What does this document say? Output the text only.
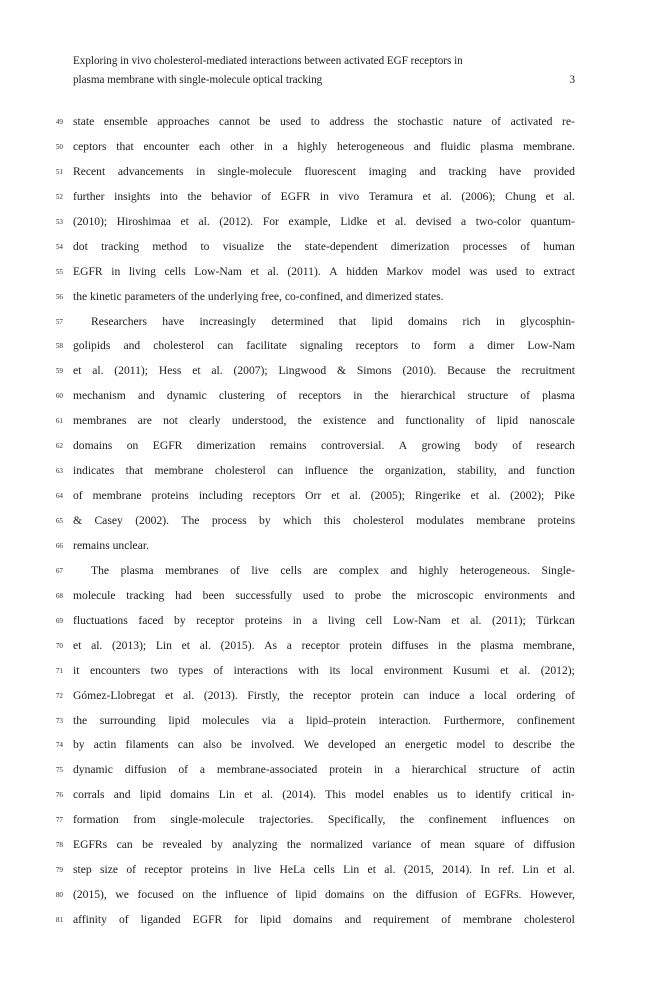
Exploring in vivo cholesterol-mediated interactions between activated EGF receptors in
plasma membrane with single-molecule optical tracking	3
49 state ensemble approaches cannot be used to address the stochastic nature of activated re-
50 ceptors that encounter each other in a highly heterogeneous and fluidic plasma membrane.
51 Recent advancements in single-molecule fluorescent imaging and tracking have provided
52 further insights into the behavior of EGFR in vivo Teramura et al. (2006); Chung et al.
53 (2010); Hiroshimaa et al. (2012). For example, Lidke et al. devised a two-color quantum-
54 dot tracking method to visualize the state-dependent dimerization processes of human
55 EGFR in living cells Low-Nam et al. (2011). A hidden Markov model was used to extract
56 the kinetic parameters of the underlying free, co-confined, and dimerized states.
57 Researchers have increasingly determined that lipid domains rich in glycosphin-
58 golipids and cholesterol can facilitate signaling receptors to form a dimer Low-Nam
59 et al. (2011); Hess et al. (2007); Lingwood & Simons (2010). Because the recruitment
60 mechanism and dynamic clustering of receptors in the hierarchical structure of plasma
61 membranes are not clearly understood, the existence and functionality of lipid nanoscale
62 domains on EGFR dimerization remains controversial. A growing body of research
63 indicates that membrane cholesterol can influence the organization, stability, and function
64 of membrane proteins including receptors Orr et al. (2005); Ringerike et al. (2002); Pike
65 & Casey (2002). The process by which this cholesterol modulates membrane proteins
66 remains unclear.
67 The plasma membranes of live cells are complex and highly heterogeneous. Single-
68 molecule tracking had been successfully used to probe the microscopic environments and
69 fluctuations faced by receptor proteins in a living cell Low-Nam et al. (2011); Türkcan
70 et al. (2013); Lin et al. (2015). As a receptor protein diffuses in the plasma membrane,
71 it encounters two types of interactions with its local environment Kusumi et al. (2012);
72 Gómez-Llobregat et al. (2013). Firstly, the receptor protein can induce a local ordering of
73 the surrounding lipid molecules via a lipid–protein interaction. Furthermore, confinement
74 by actin filaments can also be involved. We developed an energetic model to describe the
75 dynamic diffusion of a membrane-associated protein in a hierarchical structure of actin
76 corrals and lipid domains Lin et al. (2014). This model enables us to identify critical in-
77 formation from single-molecule trajectories. Specifically, the confinement influences on
78 EGFRs can be revealed by analyzing the normalized variance of mean square of diffusion
79 step size of receptor proteins in live HeLa cells Lin et al. (2015, 2014). In ref. Lin et al.
80 (2015), we focused on the influence of lipid domains on the diffusion of EGFRs. However,
81 affinity of liganded EGFR for lipid domains and requirement of membrane cholesterol
